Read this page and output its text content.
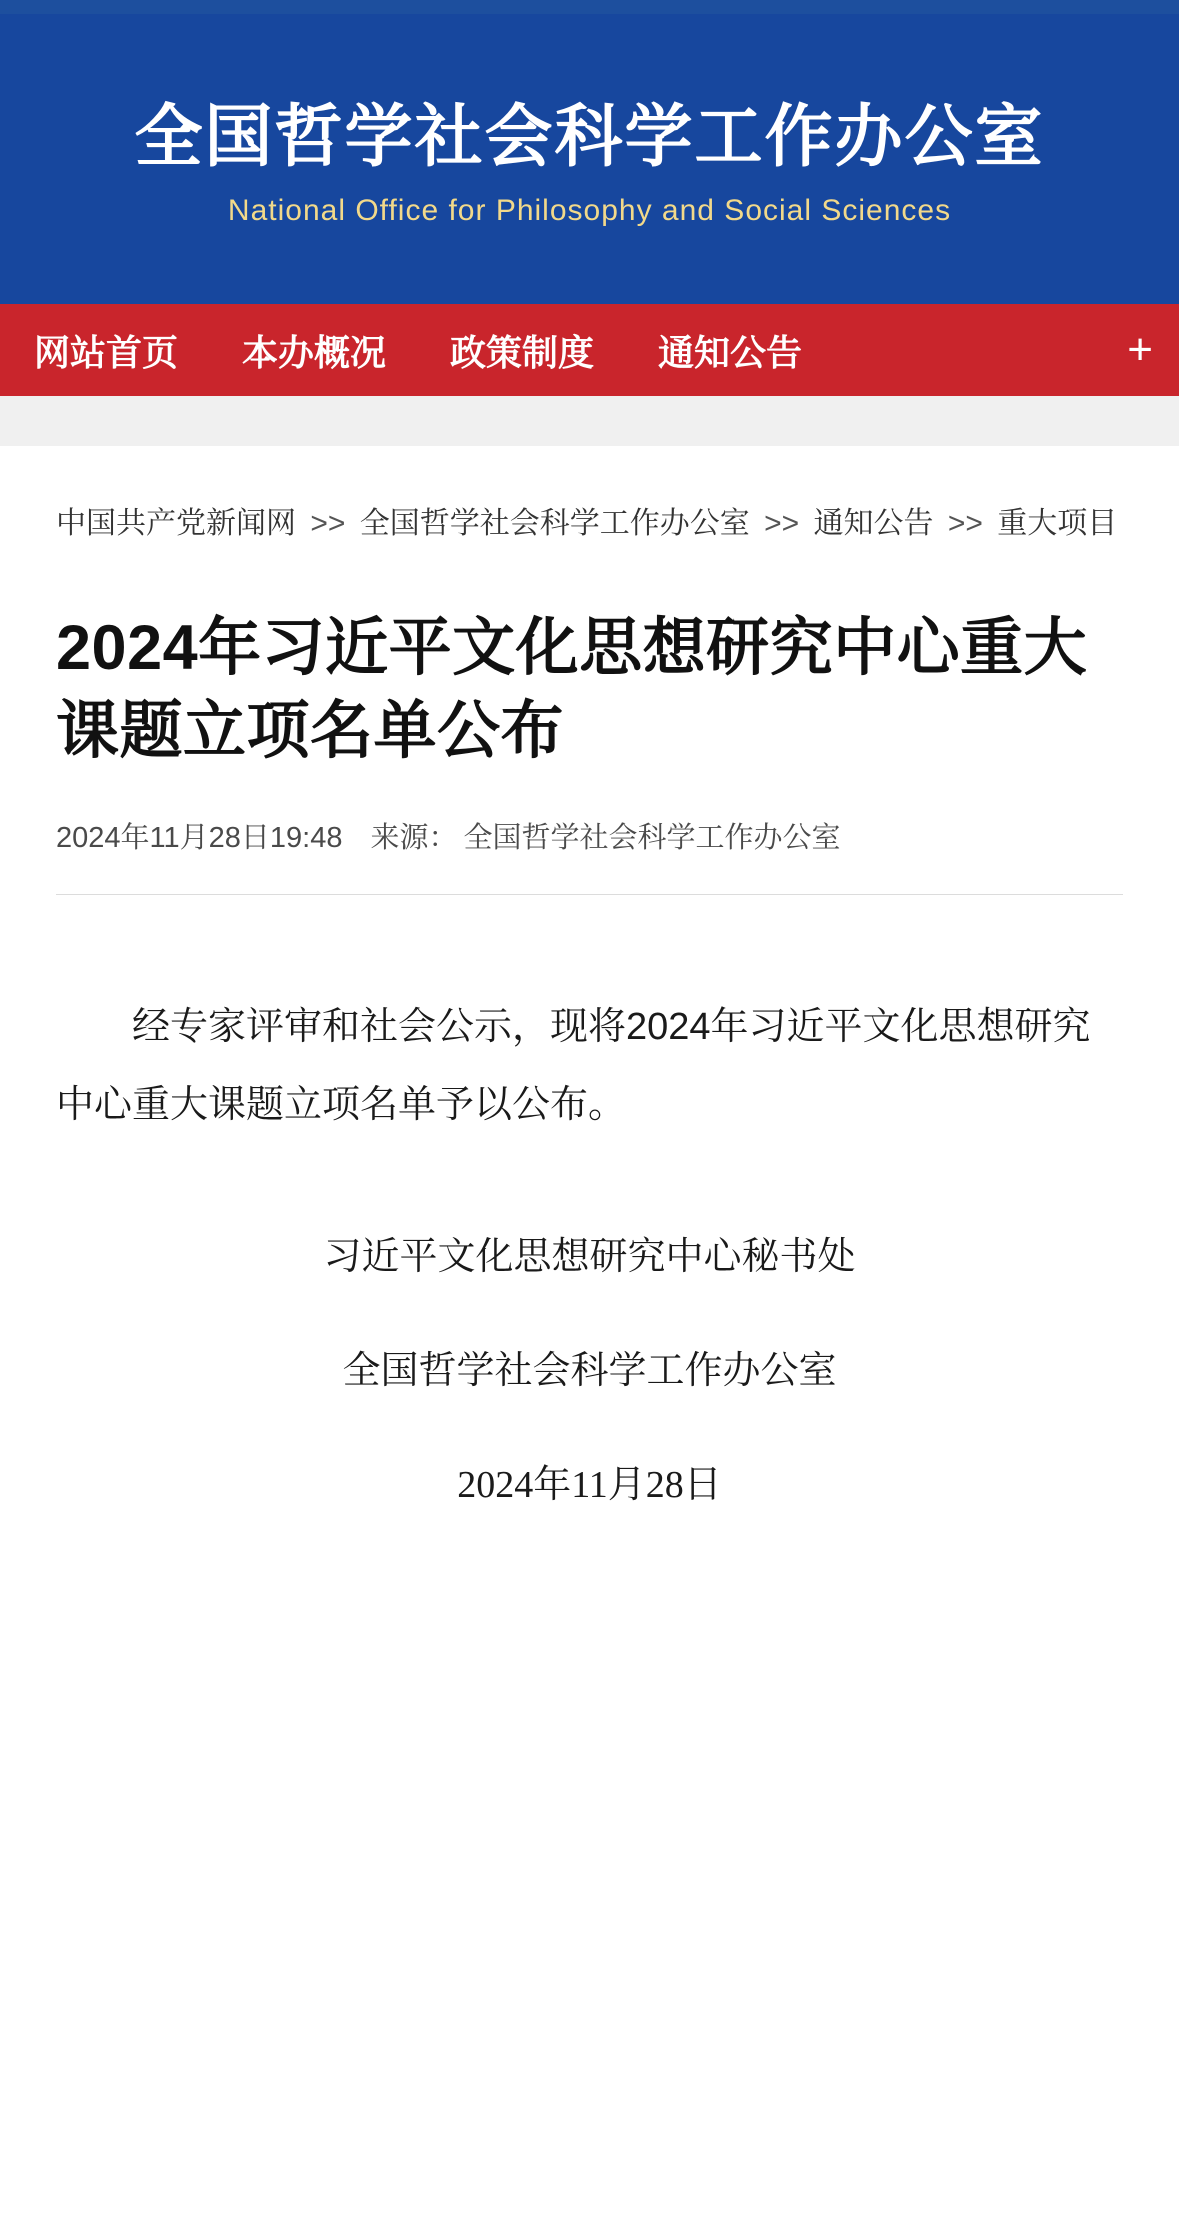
全国哲学社会科学工作办公室
National Office for Philosophy and Social Sciences
网站首页 本办概况 政策制度 通知公告	+
中国共产党新闻网 >> 全国哲学社会科学工作办公室 >> 通知公告 >> 重大项目
2024年习近平文化思想研究中心重大课题立项名单公布
2024年11月28日19:48 来源： 全国哲学社会科学工作办公室

经专家评审和社会公示，现将2024年习近平文化思想研究中心重大课题立项名单予以公布。

习近平文化思想研究中心秘书处

全国哲学社会科学工作办公室

2024年11月28日
